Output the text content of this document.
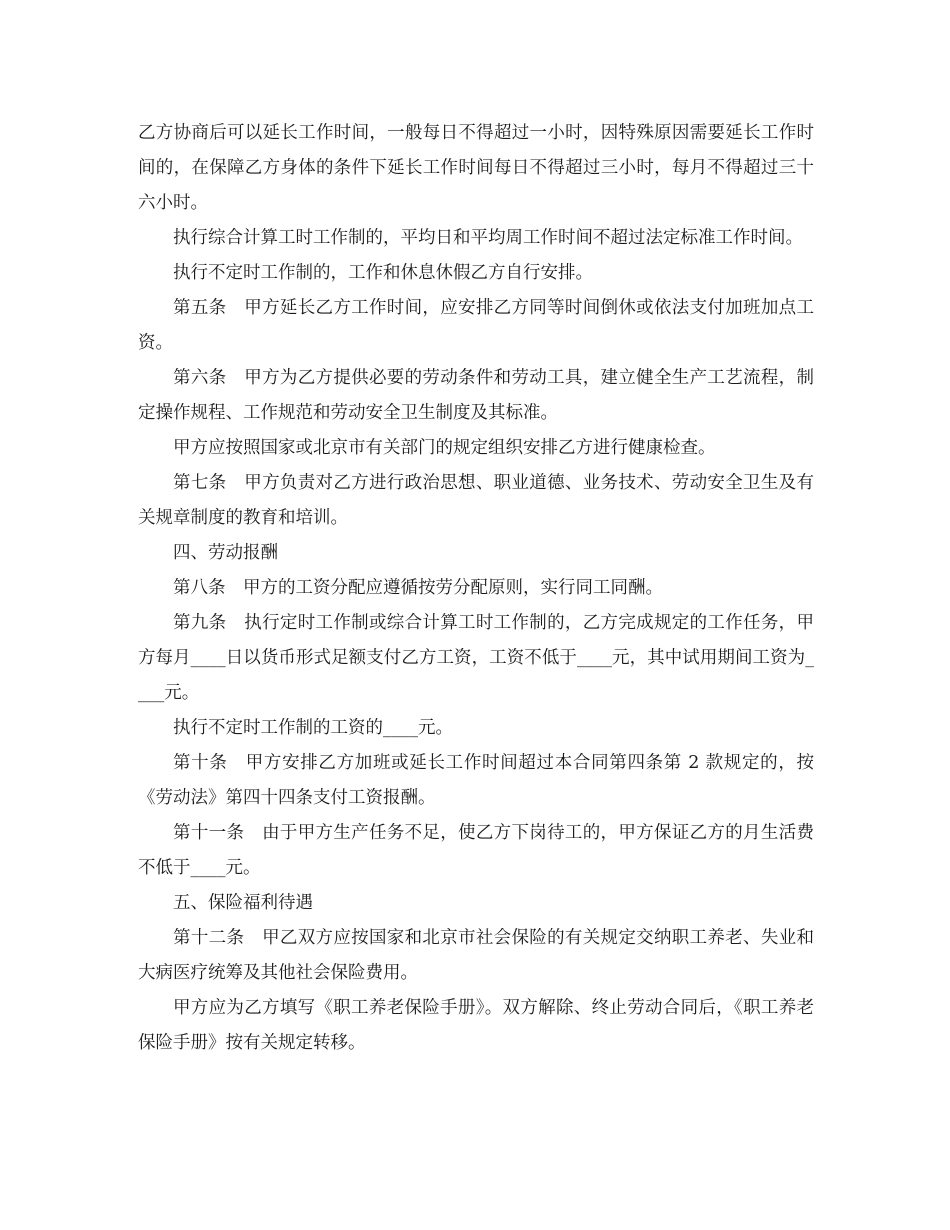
乙方协商后可以延长工作时间，一般每日不得超过一小时，因特殊原因需要延长工作时间的，在保障乙方身体的条件下延长工作时间每日不得超过三小时，每月不得超过三十六小时。

执行综合计算工时工作制的，平均日和平均周工作时间不超过法定标准工作时间。

执行不定时工作制的，工作和休息休假乙方自行安排。

第五条　甲方延长乙方工作时间，应安排乙方同等时间倒休或依法支付加班加点工资。

第六条　甲方为乙方提供必要的劳动条件和劳动工具，建立健全生产工艺流程，制定操作规程、工作规范和劳动安全卫生制度及其标准。

甲方应按照国家或北京市有关部门的规定组织安排乙方进行健康检查。

第七条　甲方负责对乙方进行政治思想、职业道德、业务技术、劳动安全卫生及有关规章制度的教育和培训。

四、劳动报酬

第八条　甲方的工资分配应遵循按劳分配原则，实行同工同酬。

第九条　执行定时工作制或综合计算工时工作制的，乙方完成规定的工作任务，甲方每月____日以货币形式足额支付乙方工资，工资不低于____元，其中试用期间工资为____元。

执行不定时工作制的工资的____元。

第十条　甲方安排乙方加班或延长工作时间超过本合同第四条第 2 款规定的，按《劳动法》第四十四条支付工资报酬。

第十一条　由于甲方生产任务不足，使乙方下岗待工的，甲方保证乙方的月生活费不低于____元。

五、保险福利待遇

第十二条　甲乙双方应按国家和北京市社会保险的有关规定交纳职工养老、失业和大病医疗统筹及其他社会保险费用。

甲方应为乙方填写《职工养老保险手册》。双方解除、终止劳动合同后，《职工养老保险手册》按有关规定转移。
